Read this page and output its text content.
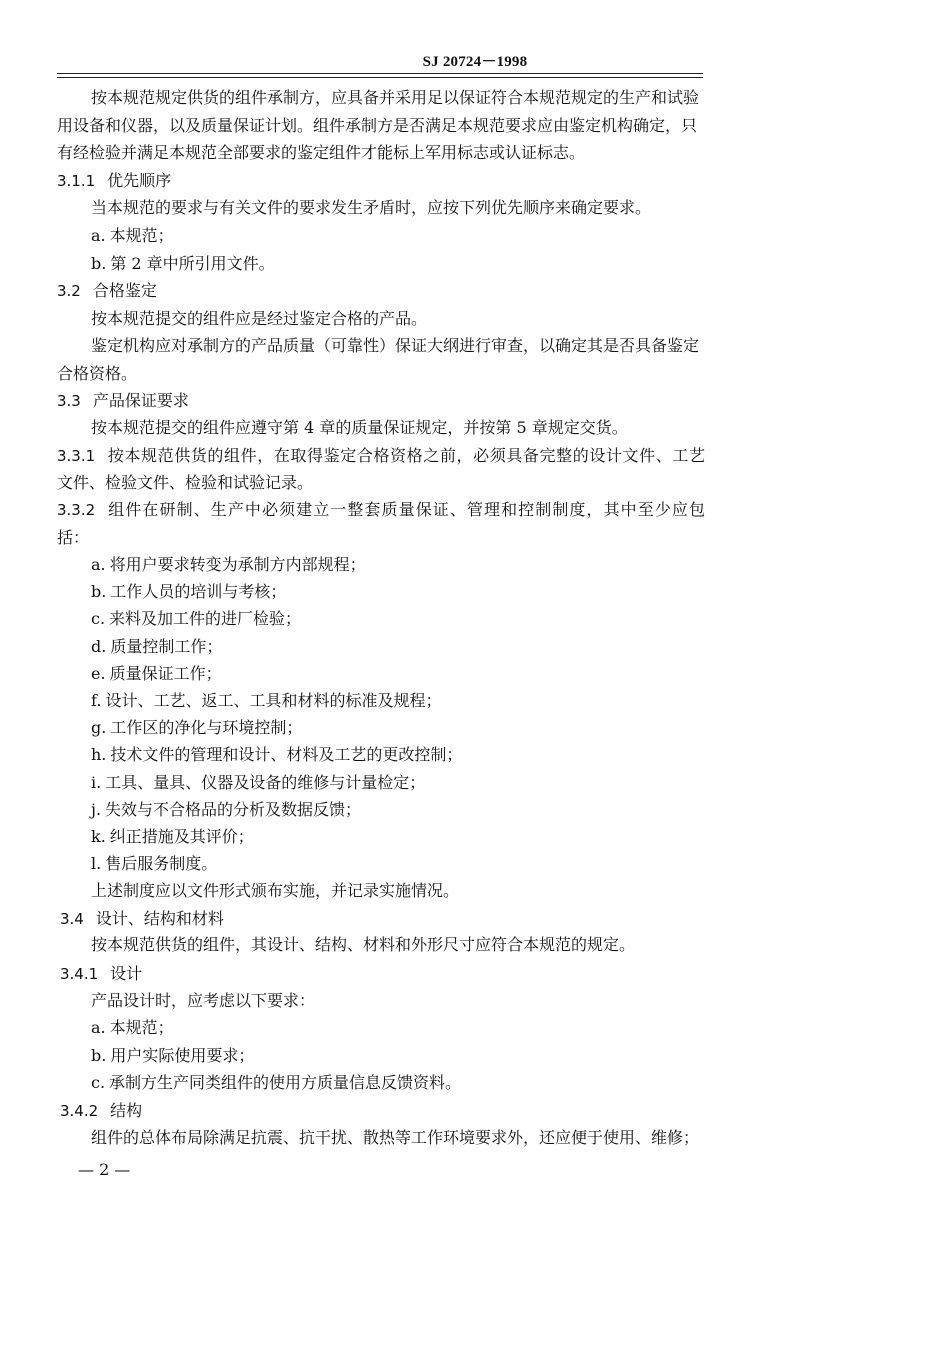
SJ 20724－1998
按本规范规定供货的组件承制方，应具备并采用足以保证符合本规范规定的生产和试验
用设备和仪器，以及质量保证计划。组件承制方是否满足本规范要求应由鉴定机构确定，只
有经检验并满足本规范全部要求的鉴定组件才能标上军用标志或认证标志。
3.1.1 优先顺序
当本规范的要求与有关文件的要求发生矛盾时，应按下列优先顺序来确定要求。
a. 本规范；
b. 第 2 章中所引用文件。
3.2 合格鉴定
按本规范提交的组件应是经过鉴定合格的产品。
鉴定机构应对承制方的产品质量（可靠性）保证大纲进行审查，以确定其是否具备鉴定
合格资格。
3.3 产品保证要求
按本规范提交的组件应遵守第 4 章的质量保证规定，并按第 5 章规定交货。
3.3.1 按本规范供货的组件，在取得鉴定合格资格之前，必须具备完整的设计文件、工艺
文件、检验文件、检验和试验记录。
3.3.2 组件在研制、生产中必须建立一整套质量保证、管理和控制制度，其中至少应包
括：
a. 将用户要求转变为承制方内部规程；
b. 工作人员的培训与考核；
c. 来料及加工件的进厂检验；
d. 质量控制工作；
e. 质量保证工作；
f. 设计、工艺、返工、工具和材料的标准及规程；
g. 工作区的净化与环境控制；
h. 技术文件的管理和设计、材料及工艺的更改控制；
i. 工具、量具、仪器及设备的维修与计量检定；
j. 失效与不合格品的分析及数据反馈；
k. 纠正措施及其评价；
l. 售后服务制度。
上述制度应以文件形式颁布实施，并记录实施情况。
3.4 设计、结构和材料
按本规范供货的组件，其设计、结构、材料和外形尺寸应符合本规范的规定。
3.4.1 设计
产品设计时，应考虑以下要求：
a. 本规范；
b. 用户实际使用要求；
c. 承制方生产同类组件的使用方质量信息反馈资料。
3.4.2 结构
组件的总体布局除满足抗震、抗干扰、散热等工作环境要求外，还应便于使用、维修；
— 2 —
